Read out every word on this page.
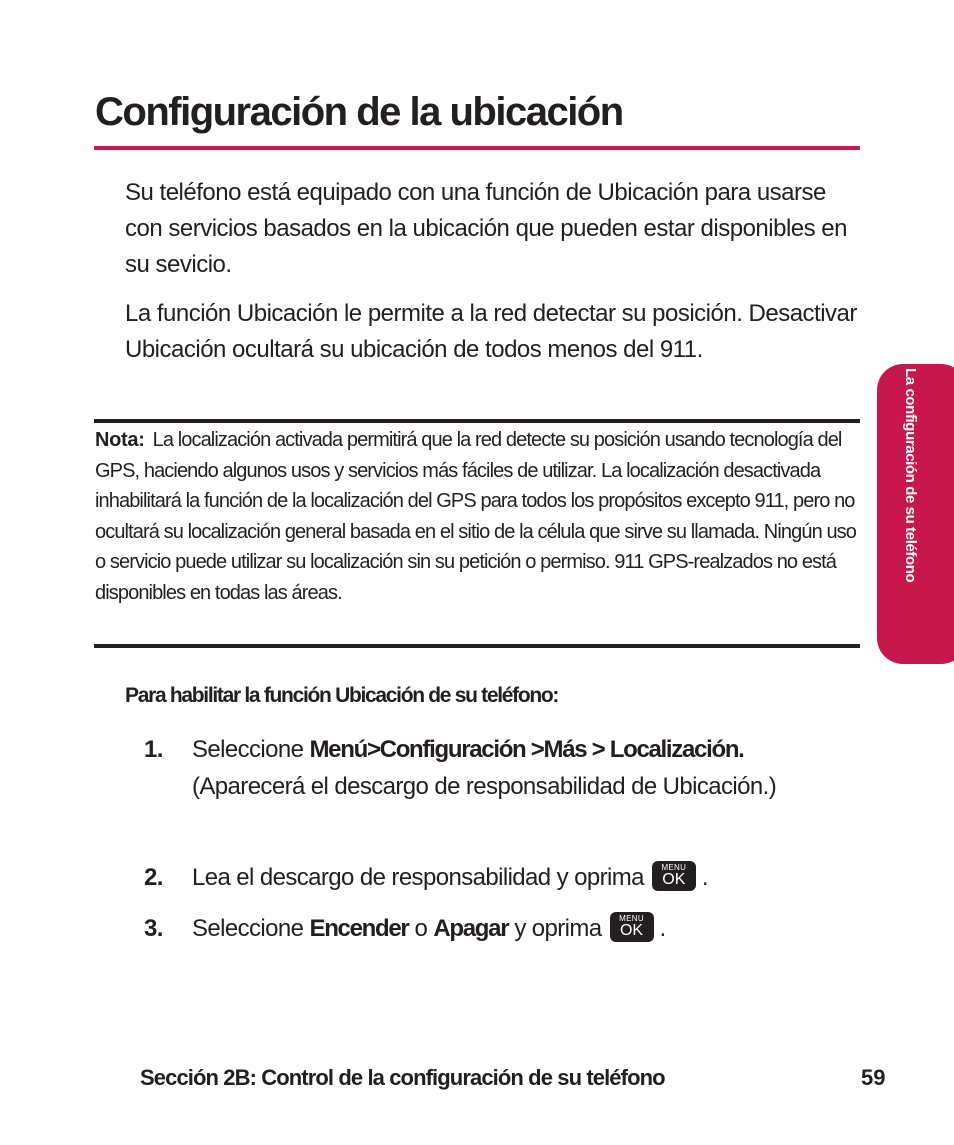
Configuración de la ubicación

Su teléfono está equipado con una función de Ubicación para usarse con servicios basados en la ubicación que pueden estar disponibles en su sevicio.

La función Ubicación le permite a la red detectar su posición. Desactivar Ubicación ocultará su ubicación de todos menos del 911.

Nota: La localización activada permitirá que la red detecte su posición usando tecnología del GPS, haciendo algunos usos y servicios más fáciles de utilizar. La localización desactivada inhabilitará la función de la localización del GPS para todos los propósitos excepto 911, pero no ocultará su localización general basada en el sitio de la célula que sirve su llamada. Ningún uso o servicio puede utilizar su localización sin su petición o permiso. 911 GPS-realzados no está disponibles en todas las áreas.
Para habilitar la función Ubicación de su teléfono:
1. Seleccione Menú>Configuración >Más > Localización. (Aparecerá el descargo de responsabilidad de Ubicación.)
2. Lea el descargo de responsabilidad y oprima	MENU
OK .
3. Seleccione Encender o Apagar y oprima	MENU
OK .
La configuración de su teléfono
Sección 2B: Control de la configuración de su teléfono	59
